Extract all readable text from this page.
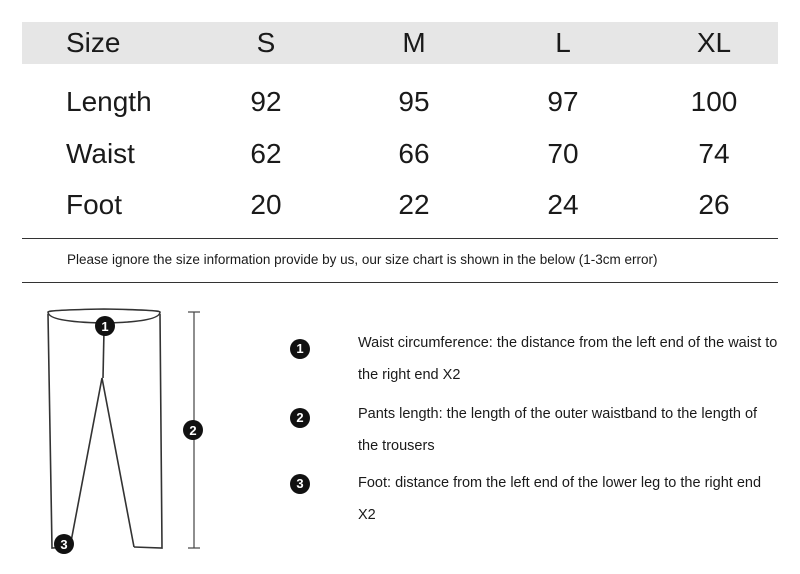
Size	S	M	L	XL
Length	92	95	97	100
Waist	62	66	70	74
Foot	20	22	24	26
Please ignore the size information provide by us, our size chart is shown in the below (1-3cm error)
1
2
3
1	Waist circumference: the distance from the left end of the waist to the right end X2
2	Pants length: the length of the outer waistband to the length of the trousers
3	Foot: distance from the left end of the lower leg to the right end X2
